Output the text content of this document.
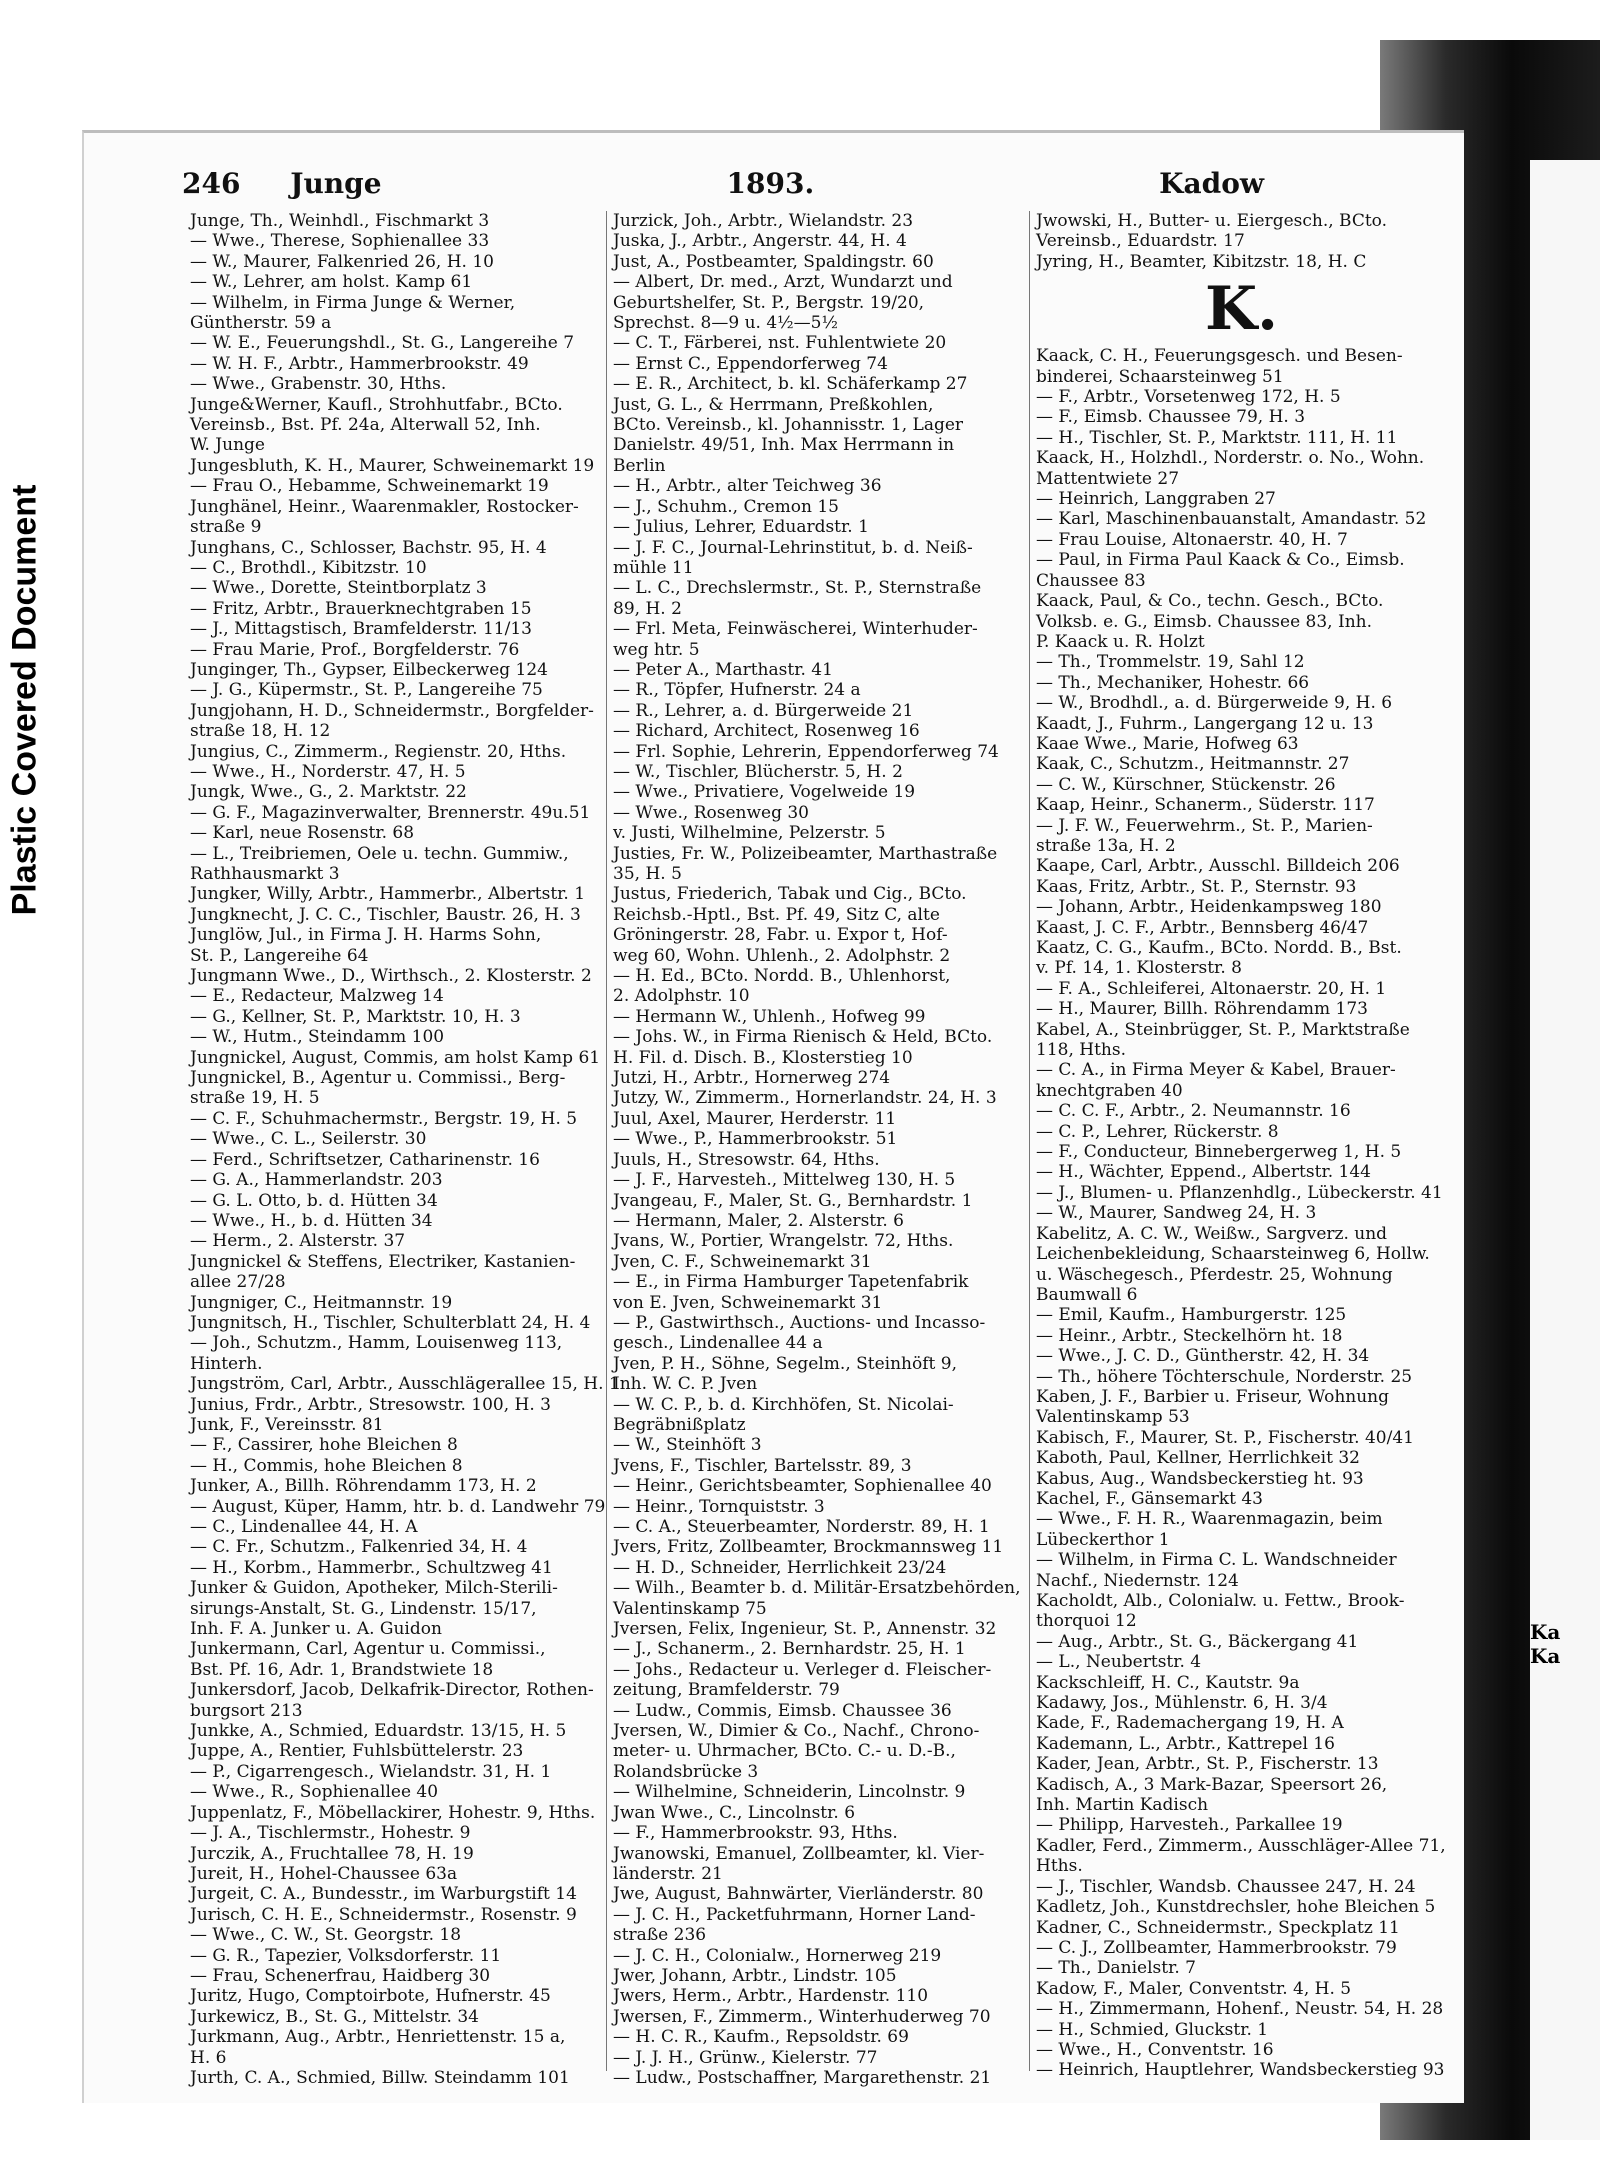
Plastic Covered Document
Ka
Ka
246 Junge	1893.	Kadow
Junge, Th., Weinhdl., Fischmarkt 3
— Wwe., Therese, Sophienallee 33
— W., Maurer, Falkenried 26, H. 10
— W., Lehrer, am holst. Kamp 61
— Wilhelm, in Firma Junge & Werner,
Güntherstr. 59 a
— W. E., Feuerungshdl., St. G., Langereihe 7
— W. H. F., Arbtr., Hammerbrookstr. 49
— Wwe., Grabenstr. 30, Hths.
Junge&Werner, Kaufl., Strohhutfabr., BCto.
Vereinsb., Bst. Pf. 24a, Alterwall 52, Inh.
W. Junge
Jungesbluth, K. H., Maurer, Schweinemarkt 19
— Frau O., Hebamme, Schweinemarkt 19
Junghänel, Heinr., Waarenmakler, Rostocker-
straße 9
Junghans, C., Schlosser, Bachstr. 95, H. 4
— C., Brothdl., Kibitzstr. 10
— Wwe., Dorette, Steintborplatz 3
— Fritz, Arbtr., Brauerknechtgraben 15
— J., Mittagstisch, Bramfelderstr. 11/13
— Frau Marie, Prof., Borgfelderstr. 76
Junginger, Th., Gypser, Eilbeckerweg 124
— J. G., Küpermstr., St. P., Langereihe 75
Jungjohann, H. D., Schneidermstr., Borgfelder-
straße 18, H. 12
Jungius, C., Zimmerm., Regienstr. 20, Hths.
— Wwe., H., Norderstr. 47, H. 5
Jungk, Wwe., G., 2. Marktstr. 22
— G. F., Magazinverwalter, Brennerstr. 49u.51
— Karl, neue Rosenstr. 68
— L., Treibriemen, Oele u. techn. Gummiw.,
Rathhausmarkt 3
Jungker, Willy, Arbtr., Hammerbr., Albertstr. 1
Jungknecht, J. C. C., Tischler, Baustr. 26, H. 3
Junglöw, Jul., in Firma J. H. Harms Sohn,
St. P., Langereihe 64
Jungmann Wwe., D., Wirthsch., 2. Klosterstr. 2
— E., Redacteur, Malzweg 14
— G., Kellner, St. P., Marktstr. 10, H. 3
— W., Hutm., Steindamm 100
Jungnickel, August, Commis, am holst Kamp 61
Jungnickel, B., Agentur u. Commissi., Berg-
straße 19, H. 5
— C. F., Schuhmachermstr., Bergstr. 19, H. 5
— Wwe., C. L., Seilerstr. 30
— Ferd., Schriftsetzer, Catharinenstr. 16
— G. A., Hammerlandstr. 203
— G. L. Otto, b. d. Hütten 34
— Wwe., H., b. d. Hütten 34
— Herm., 2. Alsterstr. 37
Jungnickel & Steffens, Electriker, Kastanien-
allee 27/28
Jungniger, C., Heitmannstr. 19
Jungnitsch, H., Tischler, Schulterblatt 24, H. 4
— Joh., Schutzm., Hamm, Louisenweg 113,
Hinterh.
Jungström, Carl, Arbtr., Ausschlägerallee 15, H. 1
Junius, Frdr., Arbtr., Stresowstr. 100, H. 3
Junk, F., Vereinsstr. 81
— F., Cassirer, hohe Bleichen 8
— H., Commis, hohe Bleichen 8
Junker, A., Billh. Röhrendamm 173, H. 2
— August, Küper, Hamm, htr. b. d. Landwehr 79
— C., Lindenallee 44, H. A
— C. Fr., Schutzm., Falkenried 34, H. 4
— H., Korbm., Hammerbr., Schultzweg 41
Junker & Guidon, Apotheker, Milch-Sterili-
sirungs-Anstalt, St. G., Lindenstr. 15/17,
Inh. F. A. Junker u. A. Guidon
Junkermann, Carl, Agentur u. Commissi.,
Bst. Pf. 16, Adr. 1, Brandstwiete 18
Junkersdorf, Jacob, Delkafrik-Director, Rothen-
burgsort 213
Junkke, A., Schmied, Eduardstr. 13/15, H. 5
Juppe, A., Rentier, Fuhlsbüttelerstr. 23
— P., Cigarrengesch., Wielandstr. 31, H. 1
— Wwe., R., Sophienallee 40
Juppenlatz, F., Möbellackirer, Hohestr. 9, Hths.
— J. A., Tischlermstr., Hohestr. 9
Jurczik, A., Fruchtallee 78, H. 19
Jureit, H., Hohel-Chaussee 63a
Jurgeit, C. A., Bundesstr., im Warburgstift 14
Jurisch, C. H. E., Schneidermstr., Rosenstr. 9
— Wwe., C. W., St. Georgstr. 18
— G. R., Tapezier, Volksdorferstr. 11
— Frau, Schenerfrau, Haidberg 30
Juritz, Hugo, Comptoirbote, Hufnerstr. 45
Jurkewicz, B., St. G., Mittelstr. 34
Jurkmann, Aug., Arbtr., Henriettenstr. 15 a,
H. 6
Jurth, C. A., Schmied, Billw. Steindamm 101
Jurzick, Joh., Arbtr., Wielandstr. 23
Juska, J., Arbtr., Angerstr. 44, H. 4
Just, A., Postbeamter, Spaldingstr. 60
— Albert, Dr. med., Arzt, Wundarzt und
Geburtshelfer, St. P., Bergstr. 19/20,
Sprechst. 8—9 u. 4½—5½
— C. T., Färberei, nst. Fuhlentwiete 20
— Ernst C., Eppendorferweg 74
— E. R., Architect, b. kl. Schäferkamp 27
Just, G. L., & Herrmann, Preßkohlen,
BCto. Vereinsb., kl. Johannisstr. 1, Lager
Danielstr. 49/51, Inh. Max Herrmann in
Berlin
— H., Arbtr., alter Teichweg 36
— J., Schuhm., Cremon 15
— Julius, Lehrer, Eduardstr. 1
— J. F. C., Journal-Lehrinstitut, b. d. Neiß-
mühle 11
— L. C., Drechslermstr., St. P., Sternstraße
89, H. 2
— Frl. Meta, Feinwäscherei, Winterhuder-
weg htr. 5
— Peter A., Marthastr. 41
— R., Töpfer, Hufnerstr. 24 a
— R., Lehrer, a. d. Bürgerweide 21
— Richard, Architect, Rosenweg 16
— Frl. Sophie, Lehrerin, Eppendorferweg 74
— W., Tischler, Blücherstr. 5, H. 2
— Wwe., Privatiere, Vogelweide 19
— Wwe., Rosenweg 30
v. Justi, Wilhelmine, Pelzerstr. 5
Justies, Fr. W., Polizeibeamter, Marthastraße
35, H. 5
Justus, Friederich, Tabak und Cig., BCto.
Reichsb.-Hptl., Bst. Pf. 49, Sitz C, alte
Gröningerstr. 28, Fabr. u. Expor t, Hof-
weg 60, Wohn. Uhlenh., 2. Adolphstr. 2
— H. Ed., BCto. Nordd. B., Uhlenhorst,
2. Adolphstr. 10
— Hermann W., Uhlenh., Hofweg 99
— Johs. W., in Firma Rienisch & Held, BCto.
H. Fil. d. Disch. B., Klosterstieg 10
Jutzi, H., Arbtr., Hornerweg 274
Jutzy, W., Zimmerm., Hornerlandstr. 24, H. 3
Juul, Axel, Maurer, Herderstr. 11
— Wwe., P., Hammerbrookstr. 51
Juuls, H., Stresowstr. 64, Hths.
— J. F., Harvesteh., Mittelweg 130, H. 5
Jvangeau, F., Maler, St. G., Bernhardstr. 1
— Hermann, Maler, 2. Alsterstr. 6
Jvans, W., Portier, Wrangelstr. 72, Hths.
Jven, C. F., Schweinemarkt 31
— E., in Firma Hamburger Tapetenfabrik
von E. Jven, Schweinemarkt 31
— P., Gastwirthsch., Auctions- und Incasso-
gesch., Lindenallee 44 a
Jven, P. H., Söhne, Segelm., Steinhöft 9,
Inh. W. C. P. Jven
— W. C. P., b. d. Kirchhöfen, St. Nicolai-
Begräbnißplatz
— W., Steinhöft 3
Jvens, F., Tischler, Bartelsstr. 89, 3
— Heinr., Gerichtsbeamter, Sophienallee 40
— Heinr., Tornquiststr. 3
— C. A., Steuerbeamter, Norderstr. 89, H. 1
Jvers, Fritz, Zollbeamter, Brockmannsweg 11
— H. D., Schneider, Herrlichkeit 23/24
— Wilh., Beamter b. d. Militär-Ersatzbehörden,
Valentinskamp 75
Jversen, Felix, Ingenieur, St. P., Annenstr. 32
— J., Schanerm., 2. Bernhardstr. 25, H. 1
— Johs., Redacteur u. Verleger d. Fleischer-
zeitung, Bramfelderstr. 79
— Ludw., Commis, Eimsb. Chaussee 36
Jversen, W., Dimier & Co., Nachf., Chrono-
meter- u. Uhrmacher, BCto. C.- u. D.-B.,
Rolandsbrücke 3
— Wilhelmine, Schneiderin, Lincolnstr. 9
Jwan Wwe., C., Lincolnstr. 6
— F., Hammerbrookstr. 93, Hths.
Jwanowski, Emanuel, Zollbeamter, kl. Vier-
länderstr. 21
Jwe, August, Bahnwärter, Vierländerstr. 80
— J. C. H., Packetfuhrmann, Horner Land-
straße 236
— J. C. H., Colonialw., Hornerweg 219
Jwer, Johann, Arbtr., Lindstr. 105
Jwers, Herm., Arbtr., Hardenstr. 110
Jwersen, F., Zimmerm., Winterhuderweg 70
— H. C. R., Kaufm., Repsoldstr. 69
— J. J. H., Grünw., Kielerstr. 77
— Ludw., Postschaffner, Margarethenstr. 21
Jwowski, H., Butter- u. Eiergesch., BCto.
Vereinsb., Eduardstr. 17
Jyring, H., Beamter, Kibitzstr. 18, H. C
K.
Kaack, C. H., Feuerungsgesch. und Besen-
binderei, Schaarsteinweg 51
— F., Arbtr., Vorsetenweg 172, H. 5
— F., Eimsb. Chaussee 79, H. 3
— H., Tischler, St. P., Marktstr. 111, H. 11
Kaack, H., Holzhdl., Norderstr. o. No., Wohn.
Mattentwiete 27
— Heinrich, Langgraben 27
— Karl, Maschinenbauanstalt, Amandastr. 52
— Frau Louise, Altonaerstr. 40, H. 7
— Paul, in Firma Paul Kaack & Co., Eimsb.
Chaussee 83
Kaack, Paul, & Co., techn. Gesch., BCto.
Volksb. e. G., Eimsb. Chaussee 83, Inh.
P. Kaack u. R. Holzt
— Th., Trommelstr. 19, Sahl 12
— Th., Mechaniker, Hohestr. 66
— W., Brodhdl., a. d. Bürgerweide 9, H. 6
Kaadt, J., Fuhrm., Langergang 12 u. 13
Kaae Wwe., Marie, Hofweg 63
Kaak, C., Schutzm., Heitmannstr. 27
— C. W., Kürschner, Stückenstr. 26
Kaap, Heinr., Schanerm., Süderstr. 117
— J. F. W., Feuerwehrm., St. P., Marien-
straße 13a, H. 2
Kaape, Carl, Arbtr., Ausschl. Billdeich 206
Kaas, Fritz, Arbtr., St. P., Sternstr. 93
— Johann, Arbtr., Heidenkampsweg 180
Kaast, J. C. F., Arbtr., Bennsberg 46/47
Kaatz, C. G., Kaufm., BCto. Nordd. B., Bst.
v. Pf. 14, 1. Klosterstr. 8
— F. A., Schleiferei, Altonaerstr. 20, H. 1
— H., Maurer, Billh. Röhrendamm 173
Kabel, A., Steinbrügger, St. P., Marktstraße
118, Hths.
— C. A., in Firma Meyer & Kabel, Brauer-
knechtgraben 40
— C. C. F., Arbtr., 2. Neumannstr. 16
— C. P., Lehrer, Rückerstr. 8
— F., Conducteur, Binnebergerweg 1, H. 5
— H., Wächter, Eppend., Albertstr. 144
— J., Blumen- u. Pflanzenhdlg., Lübeckerstr. 41
— W., Maurer, Sandweg 24, H. 3
Kabelitz, A. C. W., Weißw., Sargverz. und
Leichenbekleidung, Schaarsteinweg 6, Hollw.
u. Wäschegesch., Pferdestr. 25, Wohnung
Baumwall 6
— Emil, Kaufm., Hamburgerstr. 125
— Heinr., Arbtr., Steckelhörn ht. 18
— Wwe., J. C. D., Güntherstr. 42, H. 34
— Th., höhere Töchterschule, Norderstr. 25
Kaben, J. F., Barbier u. Friseur, Wohnung
Valentinskamp 53
Kabisch, F., Maurer, St. P., Fischerstr. 40/41
Kaboth, Paul, Kellner, Herrlichkeit 32
Kabus, Aug., Wandsbeckerstieg ht. 93
Kachel, F., Gänsemarkt 43
— Wwe., F. H. R., Waarenmagazin, beim
Lübeckerthor 1
— Wilhelm, in Firma C. L. Wandschneider
Nachf., Niedernstr. 124
Kacholdt, Alb., Colonialw. u. Fettw., Brook-
thorquoi 12
— Aug., Arbtr., St. G., Bäckergang 41
— L., Neubertstr. 4
Kackschleiff, H. C., Kautstr. 9a
Kadawy, Jos., Mühlenstr. 6, H. 3/4
Kade, F., Rademachergang 19, H. A
Kademann, L., Arbtr., Kattrepel 16
Kader, Jean, Arbtr., St. P., Fischerstr. 13
Kadisch, A., 3 Mark-Bazar, Speersort 26,
Inh. Martin Kadisch
— Philipp, Harvesteh., Parkallee 19
Kadler, Ferd., Zimmerm., Ausschläger-Allee 71,
Hths.
— J., Tischler, Wandsb. Chaussee 247, H. 24
Kadletz, Joh., Kunstdrechsler, hohe Bleichen 5
Kadner, C., Schneidermstr., Speckplatz 11
— C. J., Zollbeamter, Hammerbrookstr. 79
— Th., Danielstr. 7
Kadow, F., Maler, Conventstr. 4, H. 5
— H., Zimmermann, Hohenf., Neustr. 54, H. 28
— H., Schmied, Gluckstr. 1
— Wwe., H., Conventstr. 16
— Heinrich, Hauptlehrer, Wandsbeckerstieg 93
